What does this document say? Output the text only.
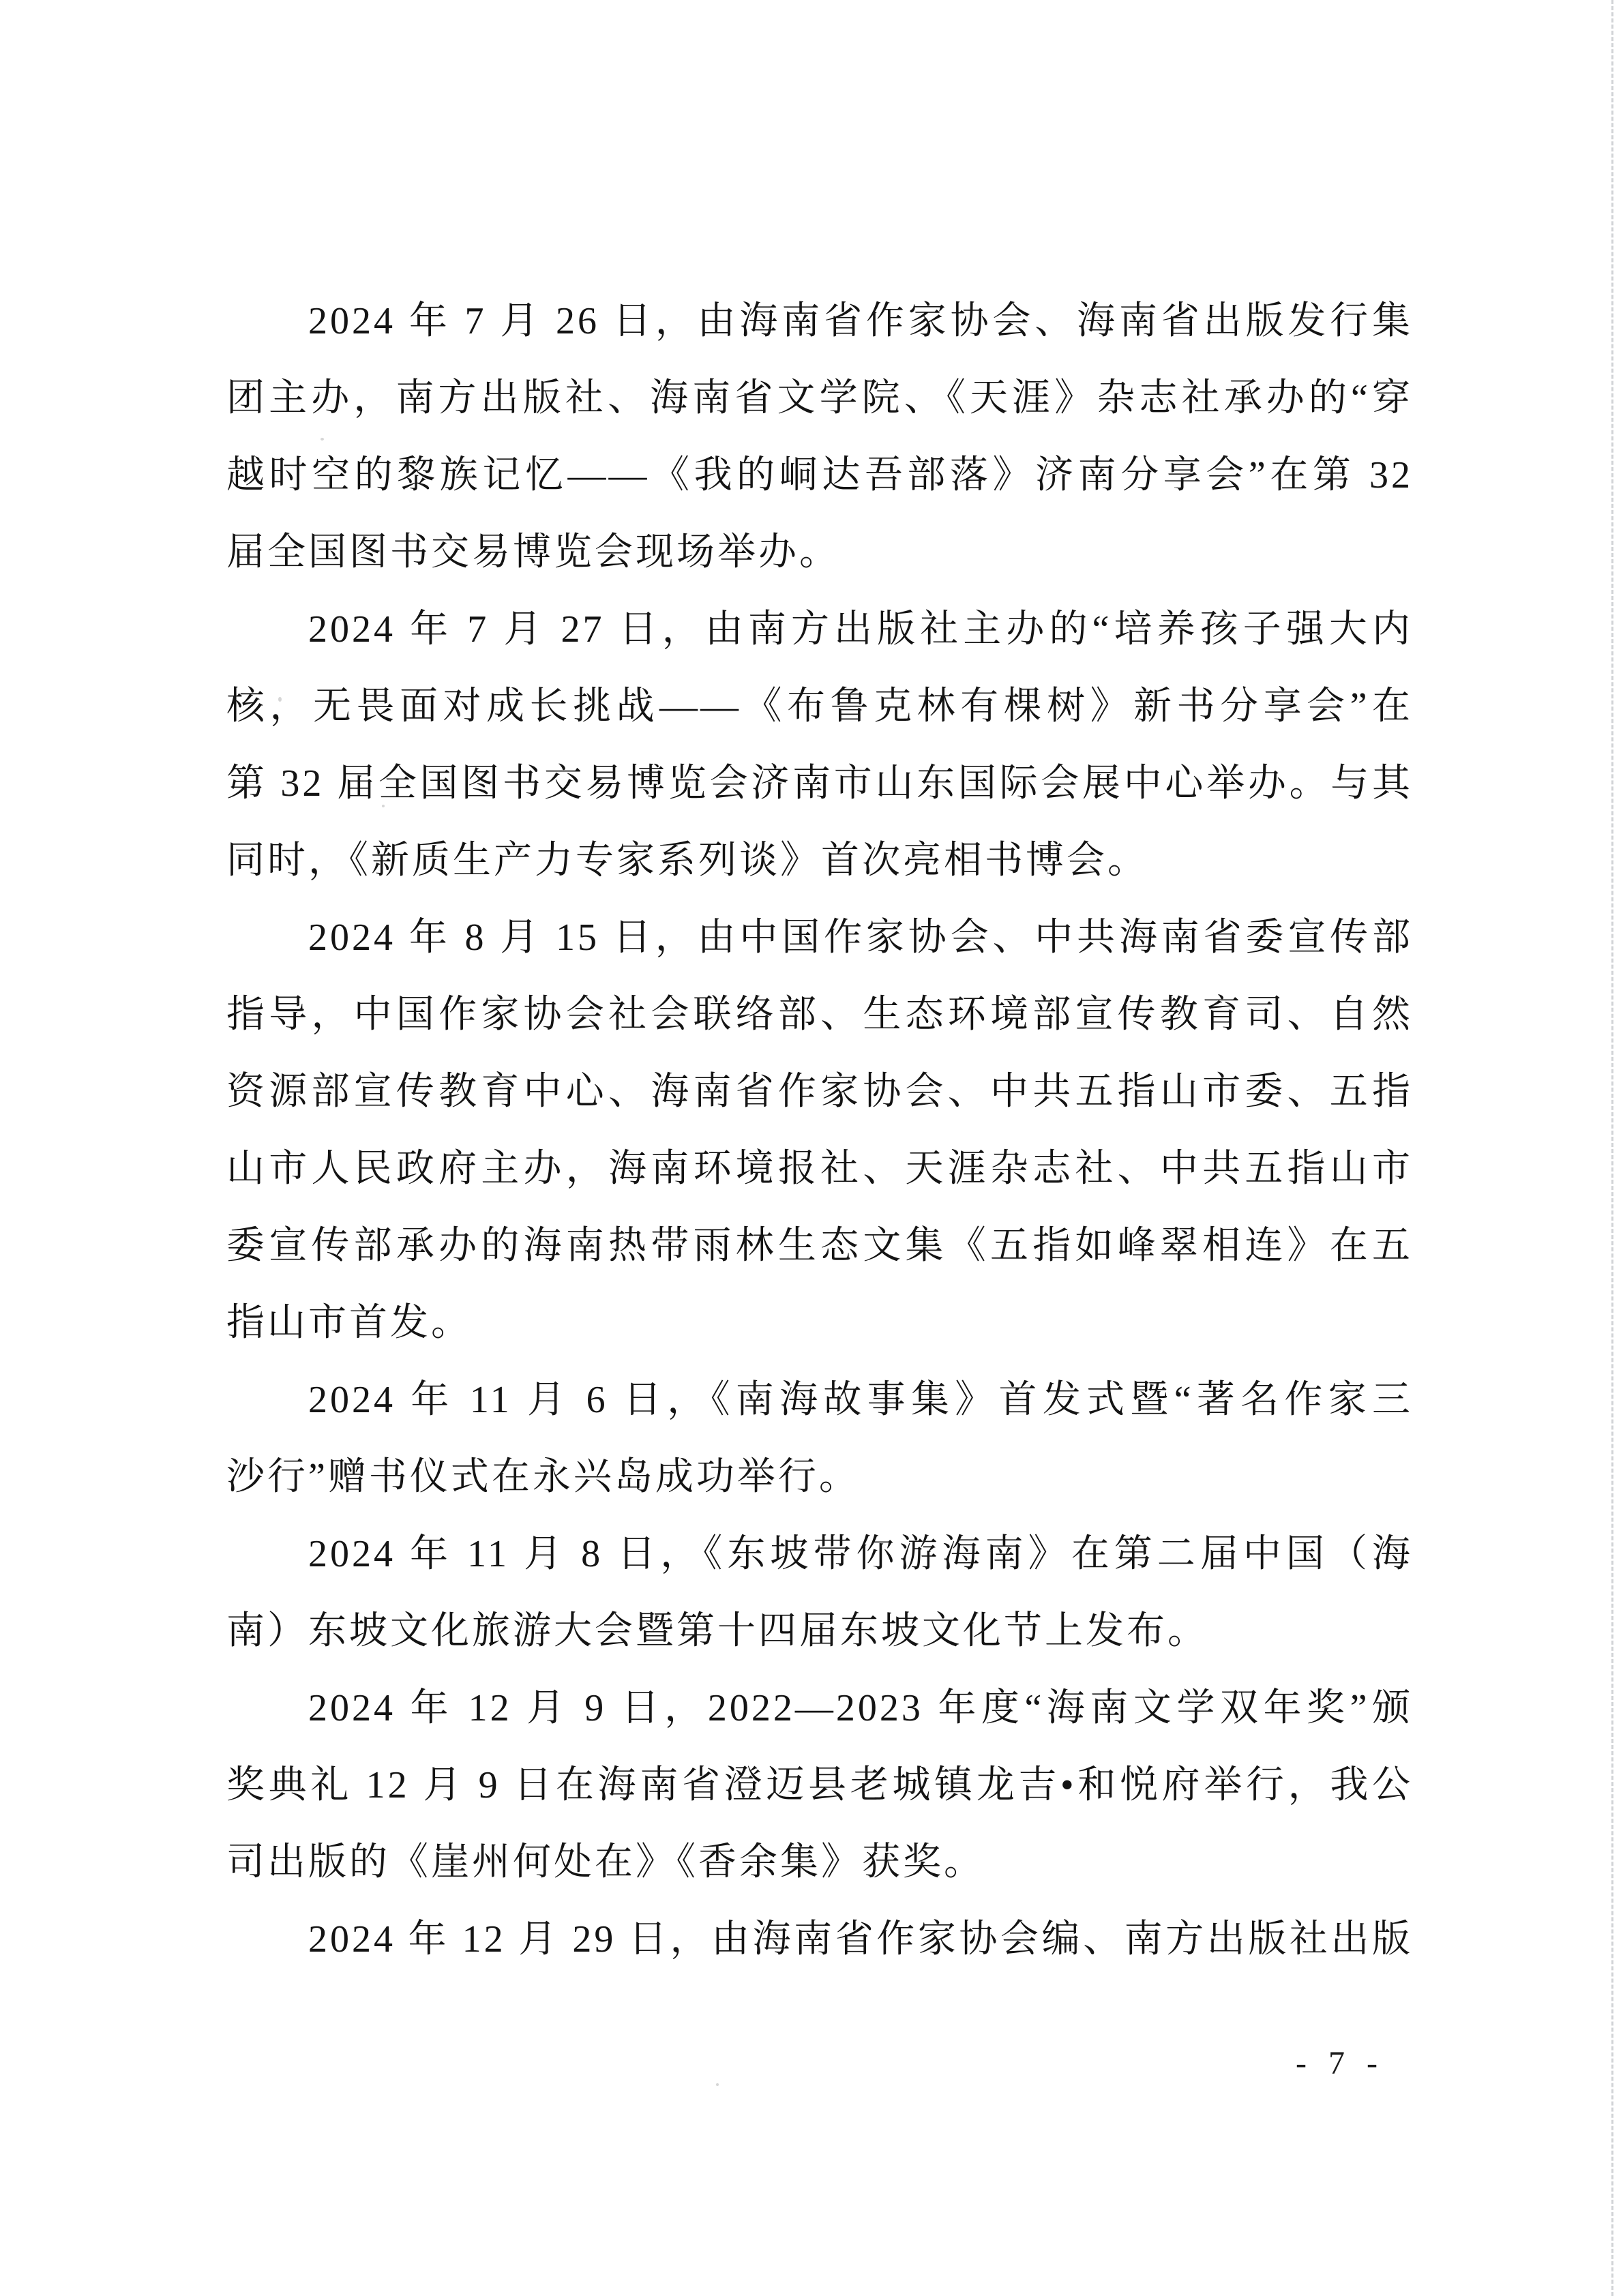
2024 年 7 月 26 日，由海南省作家协会、海南省出版发行集
团主办，南方出版社、海南省文学院、《天涯》杂志社承办的“穿
越时空的黎族记忆——《我的峒达吾部落》济南分享会”在第 32
届全国图书交易博览会现场举办。
2024 年 7 月 27 日，由南方出版社主办的“培养孩子强大内
核，无畏面对成长挑战——《布鲁克林有棵树》新书分享会”在
第 32 届全国图书交易博览会济南市山东国际会展中心举办。与其
同时，《新质生产力专家系列谈》首次亮相书博会。
2024 年 8 月 15 日，由中国作家协会、中共海南省委宣传部
指导，中国作家协会社会联络部、生态环境部宣传教育司、自然
资源部宣传教育中心、海南省作家协会、中共五指山市委、五指
山市人民政府主办，海南环境报社、天涯杂志社、中共五指山市
委宣传部承办的海南热带雨林生态文集《五指如峰翠相连》在五
指山市首发。
2024 年 11 月 6 日，《南海故事集》首发式暨“著名作家三
沙行”赠书仪式在永兴岛成功举行。
2024 年 11 月 8 日，《东坡带你游海南》在第二届中国（海
南）东坡文化旅游大会暨第十四届东坡文化节上发布。
2024 年 12 月 9 日，2022—2023 年度“海南文学双年奖”颁
奖典礼 12 月 9 日在海南省澄迈县老城镇龙吉•和悦府举行，我公
司出版的《崖州何处在》《香余集》获奖。
2024 年 12 月 29 日，由海南省作家协会编、南方出版社出版
- 7 -
